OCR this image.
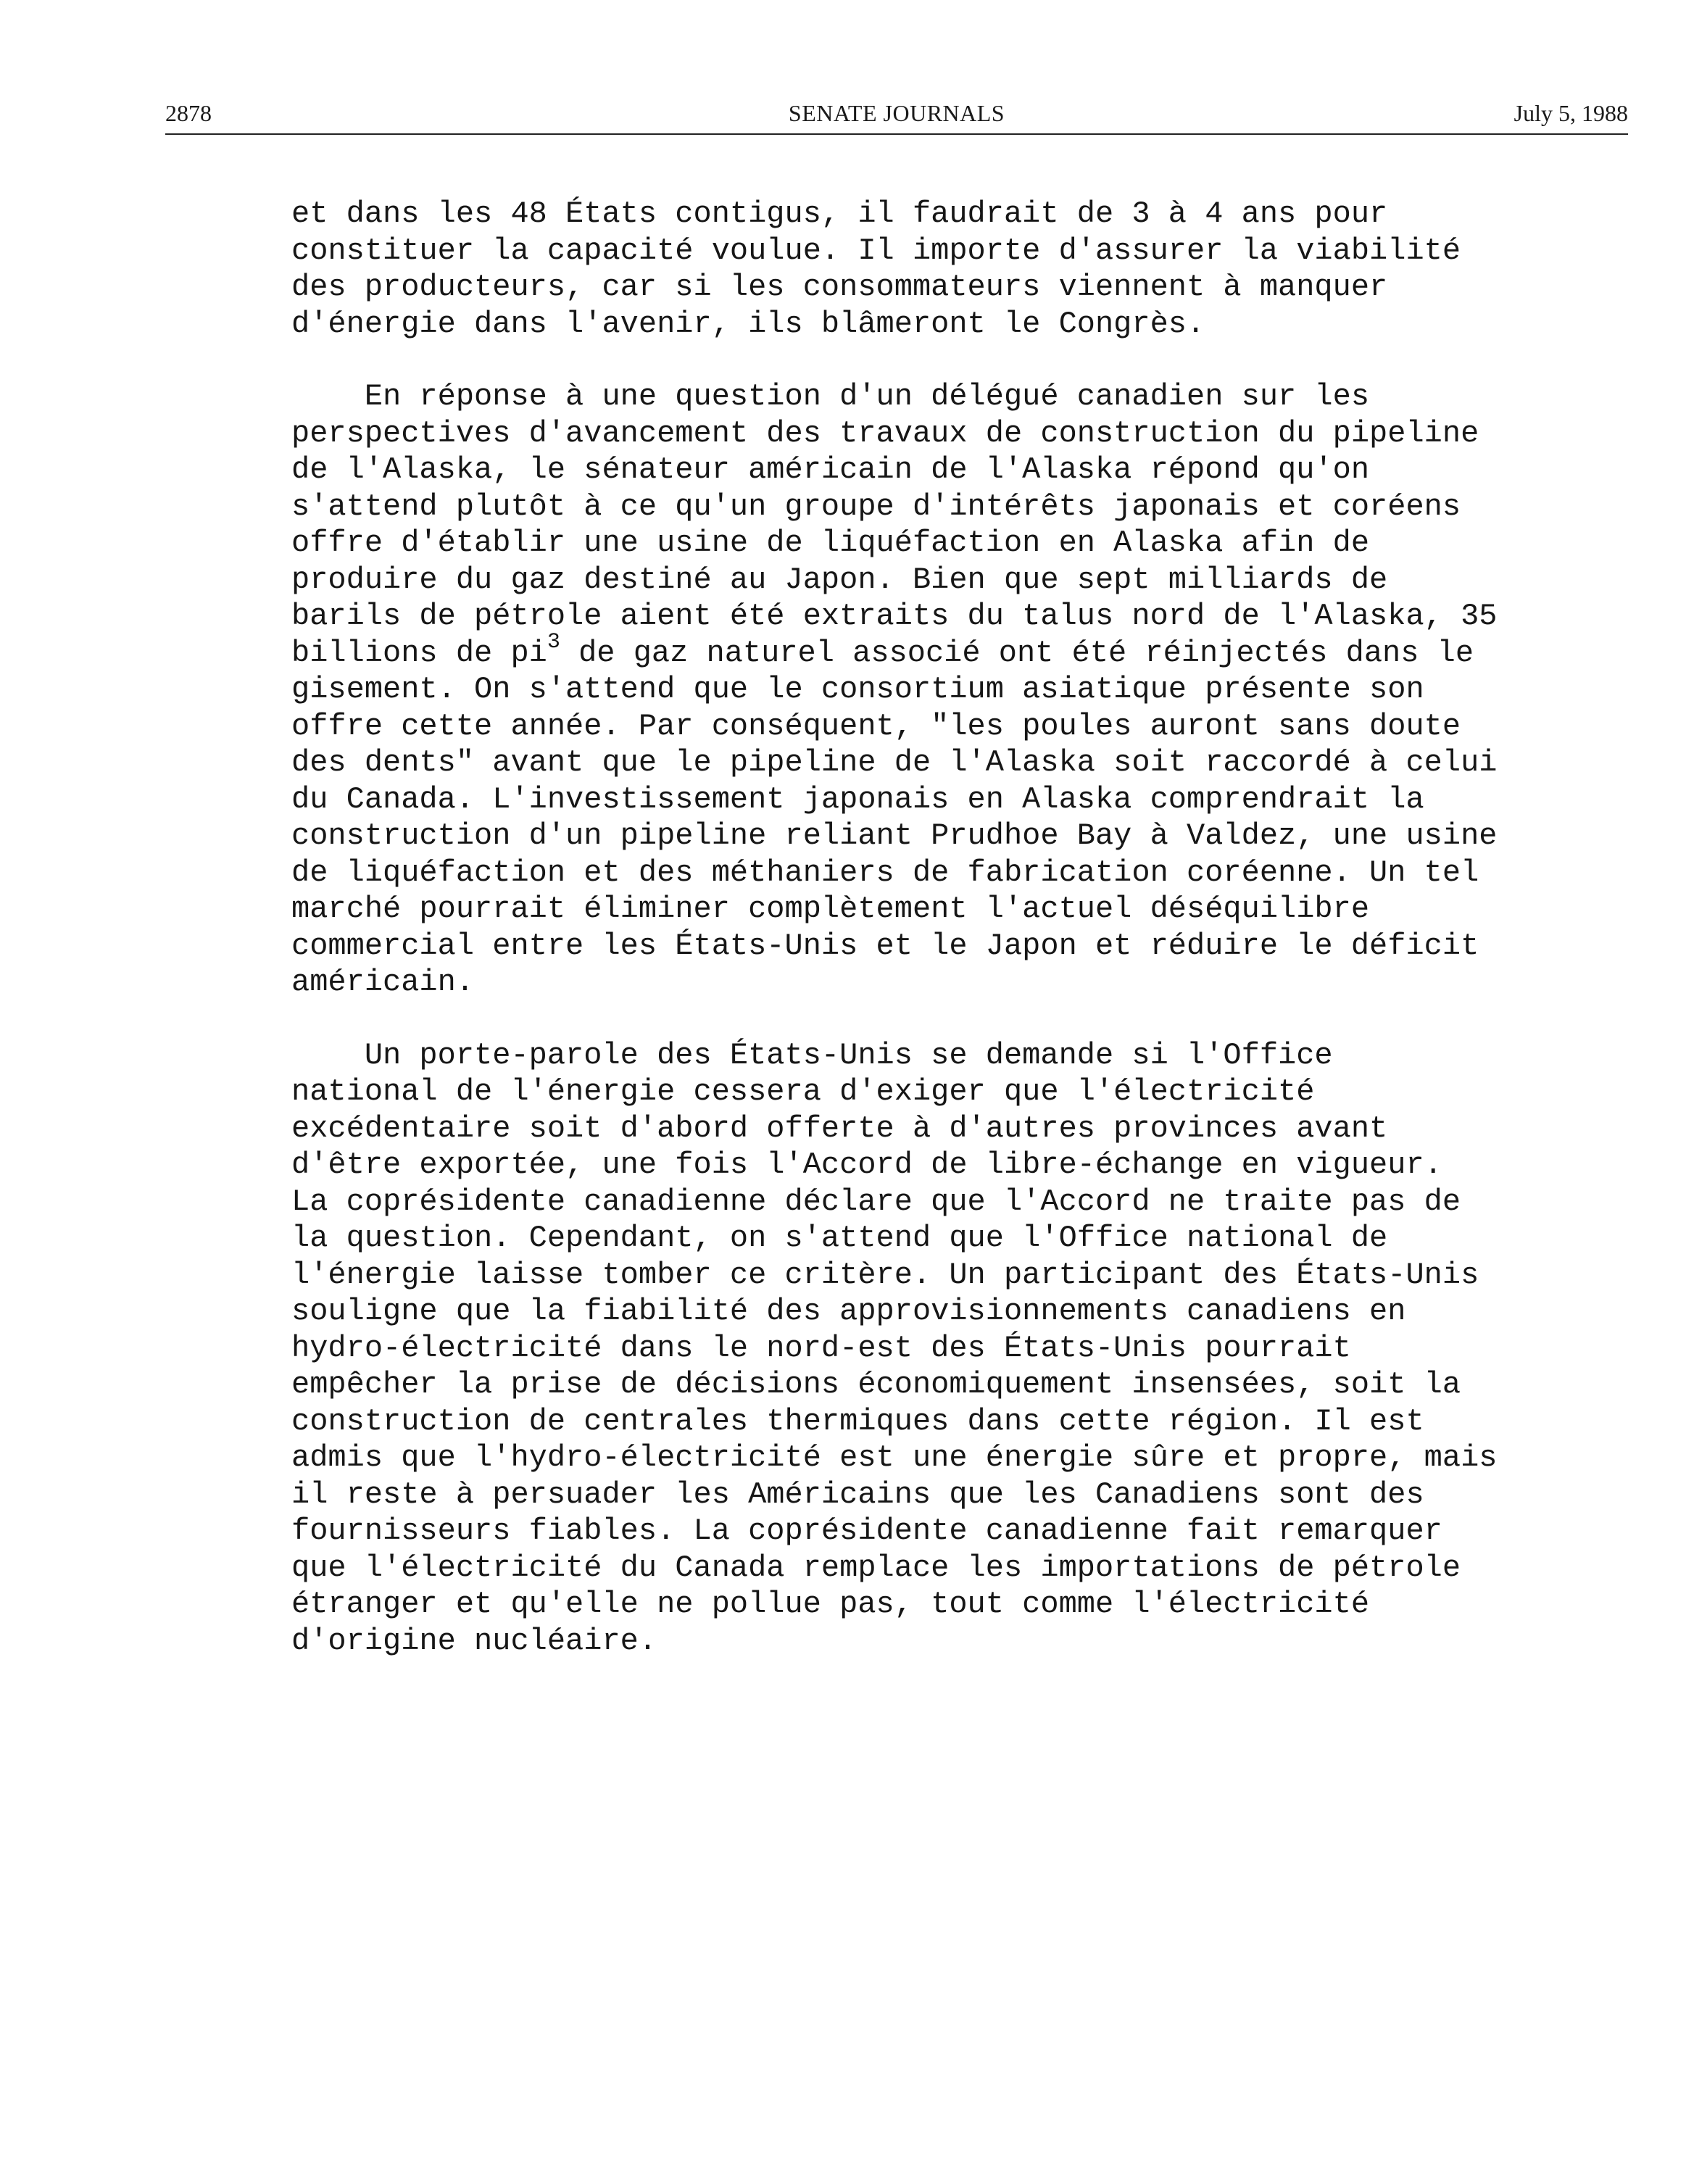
2878	SENATE JOURNALS	July 5, 1988
et dans les 48 États contigus, il faudrait de 3 à 4 ans pour
constituer la capacité voulue. Il importe d'assurer la viabilité
des producteurs, car si les consommateurs viennent à manquer
d'énergie dans l'avenir, ils blâmeront le Congrès.
En réponse à une question d'un délégué canadien sur les
perspectives d'avancement des travaux de construction du pipeline
de l'Alaska, le sénateur américain de l'Alaska répond qu'on
s'attend plutôt à ce qu'un groupe d'intérêts japonais et coréens
offre d'établir une usine de liquéfaction en Alaska afin de
produire du gaz destiné au Japon. Bien que sept milliards de
barils de pétrole aient été extraits du talus nord de l'Alaska, 35
billions de $pi^3$ de gaz naturel associé ont été réinjectés dans le
gisement. On s'attend que le consortium asiatique présente son
offre cette année. Par conséquent, "les poules auront sans doute
des dents" avant que le pipeline de l'Alaska soit raccordé à celui
du Canada. L'investissement japonais en Alaska comprendrait la
construction d'un pipeline reliant Prudhoe Bay à Valdez, une usine
de liquéfaction et des méthaniers de fabrication coréenne. Un tel
marché pourrait éliminer complètement l'actuel déséquilibre
commercial entre les États-Unis et le Japon et réduire le déficit
américain.
Un porte-parole des États-Unis se demande si l'Office
national de l'énergie cessera d'exiger que l'électricité
excédentaire soit d'abord offerte à d'autres provinces avant
d'être exportée, une fois l'Accord de libre-échange en vigueur.
La coprésidente canadienne déclare que l'Accord ne traite pas de
la question. Cependant, on s'attend que l'Office national de
l'énergie laisse tomber ce critère. Un participant des États-Unis
souligne que la fiabilité des approvisionnements canadiens en
hydro-électricité dans le nord-est des États-Unis pourrait
empêcher la prise de décisions économiquement insensées, soit la
construction de centrales thermiques dans cette région. Il est
admis que l'hydro-électricité est une énergie sûre et propre, mais
il reste à persuader les Américains que les Canadiens sont des
fournisseurs fiables. La coprésidente canadienne fait remarquer
que l'électricité du Canada remplace les importations de pétrole
étranger et qu'elle ne pollue pas, tout comme l'électricité
d'origine nucléaire.
